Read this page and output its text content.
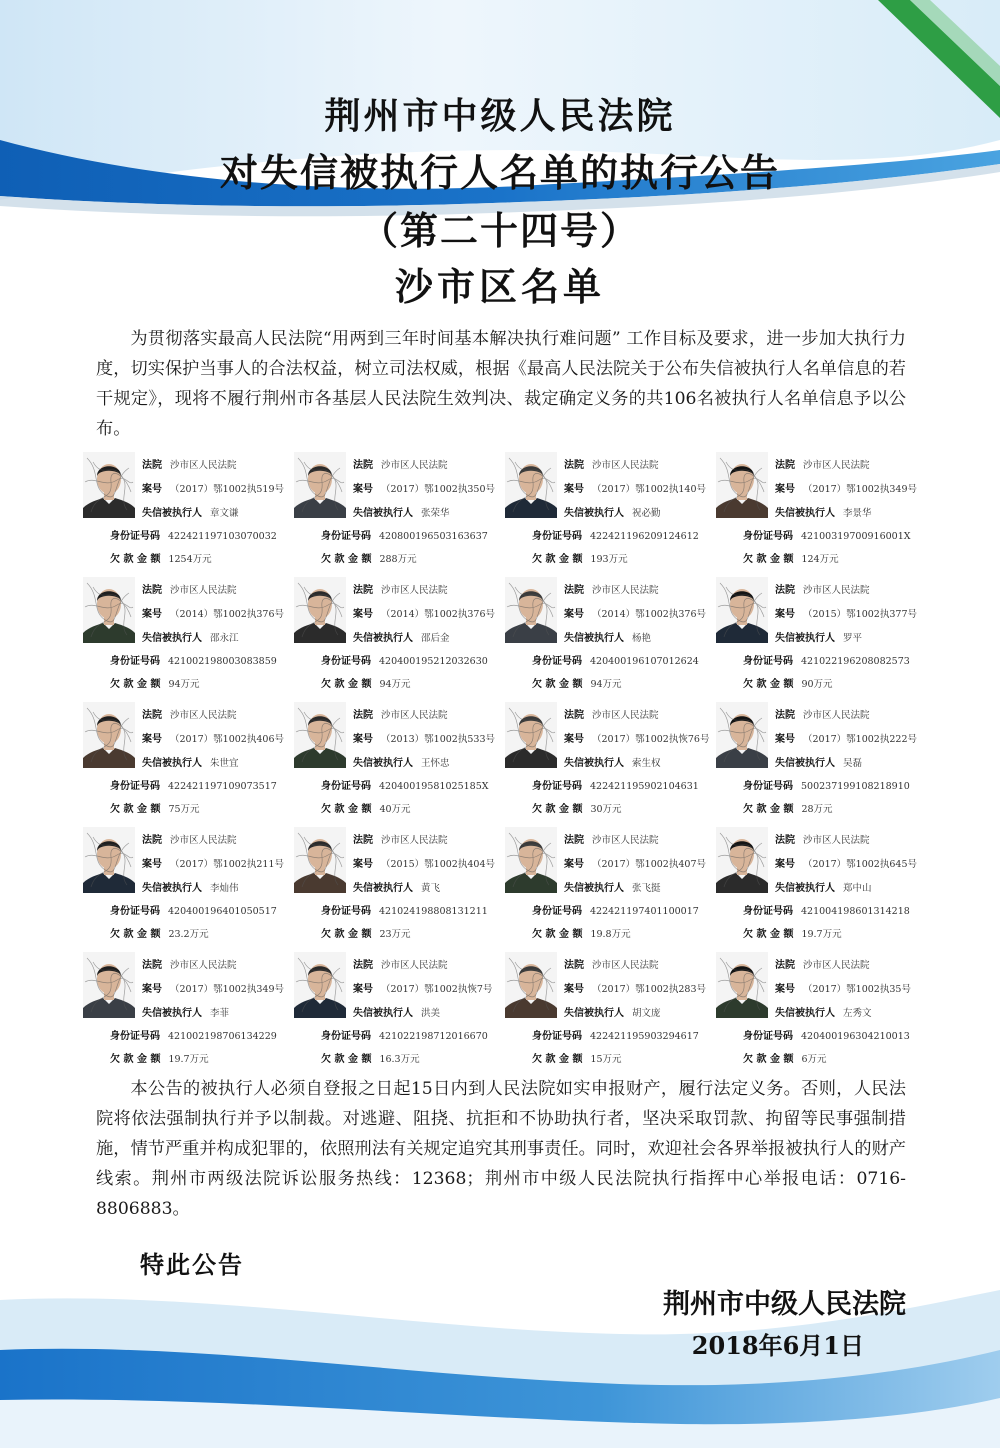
荆州市中级人民法院
对失信被执行人名单的执行公告
（第二十四号）
沙市区名单

为贯彻落实最高人民法院“用两到三年时间基本解决执行难问题” 工作目标及要求，进一步加大执行力度，切实保护当事人的合法权益，树立司法权威，根据《最高人民法院关于公布失信被执行人名单信息的若干规定》，现将不履行荆州市各基层人民法院生效判决、裁定确定义务的共106名被执行人名单信息予以公布。

法院 沙市区人民法院
案号 （2017）鄂1002执519号
失信被执行人 章文谦
身份证号码 422421197103070032
欠 款 金 额 1254万元
法院 沙市区人民法院
案号 （2017）鄂1002执350号
失信被执行人 张荣华
身份证号码 420800196503163637
欠 款 金 额 288万元
法院 沙市区人民法院
案号 （2017）鄂1002执140号
失信被执行人 祝必勤
身份证号码 422421196209124612
欠 款 金 额 193万元
法院 沙市区人民法院
案号 （2017）鄂1002执349号
失信被执行人 李景华
身份证号码 42100319700916001X
欠 款 金 额 124万元
法院 沙市区人民法院
案号 （2014）鄂1002执376号
失信被执行人 邵永江
身份证号码 421002198003083859
欠 款 金 额 94万元
法院 沙市区人民法院
案号 （2014）鄂1002执376号
失信被执行人 邵后金
身份证号码 420400195212032630
欠 款 金 额 94万元
法院 沙市区人民法院
案号 （2014）鄂1002执376号
失信被执行人 杨艳
身份证号码 420400196107012624
欠 款 金 额 94万元
法院 沙市区人民法院
案号 （2015）鄂1002执377号
失信被执行人 罗平
身份证号码 421022196208082573
欠 款 金 额 90万元
法院 沙市区人民法院
案号 （2017）鄂1002执406号
失信被执行人 朱世宜
身份证号码 422421197109073517
欠 款 金 额 75万元
法院 沙市区人民法院
案号 （2013）鄂1002执533号
失信被执行人 王怀忠
身份证号码 42040019581025185X
欠 款 金 额 40万元
法院 沙市区人民法院
案号 （2017）鄂1002执恢76号
失信被执行人 索生权
身份证号码 422421195902104631
欠 款 金 额 30万元
法院 沙市区人民法院
案号 （2017）鄂1002执222号
失信被执行人 吴磊
身份证号码 500237199108218910
欠 款 金 额 28万元
法院 沙市区人民法院
案号 （2017）鄂1002执211号
失信被执行人 李灿伟
身份证号码 420400196401050517
欠 款 金 额 23.2万元
法院 沙市区人民法院
案号 （2015）鄂1002执404号
失信被执行人 黄飞
身份证号码 421024198808131211
欠 款 金 额 23万元
法院 沙市区人民法院
案号 （2017）鄂1002执407号
失信被执行人 张飞挺
身份证号码 422421197401100017
欠 款 金 额 19.8万元
法院 沙市区人民法院
案号 （2017）鄂1002执645号
失信被执行人 郑中山
身份证号码 421004198601314218
欠 款 金 额 19.7万元
法院 沙市区人民法院
案号 （2017）鄂1002执349号
失信被执行人 李菲
身份证号码 421002198706134229
欠 款 金 额 19.7万元
法院 沙市区人民法院
案号 （2017）鄂1002执恢7号
失信被执行人 洪美
身份证号码 421022198712016670
欠 款 金 额 16.3万元
法院 沙市区人民法院
案号 （2017）鄂1002执283号
失信被执行人 胡文庞
身份证号码 422421195903294617
欠 款 金 额 15万元
法院 沙市区人民法院
案号 （2017）鄂1002执35号
失信被执行人 左秀文
身份证号码 420400196304210013
欠 款 金 额 6万元

本公告的被执行人必须自登报之日起15日内到人民法院如实申报财产，履行法定义务。否则，人民法院将依法强制执行并予以制裁。对逃避、阻挠、抗拒和不协助执行者，坚决采取罚款、拘留等民事强制措施，情节严重并构成犯罪的，依照刑法有关规定追究其刑事责任。同时，欢迎社会各界举报被执行人的财产线索。荆州市两级法院诉讼服务热线：12368；荆州市中级人民法院执行指挥中心举报电话：0716-8806883。

特此公告

荆州市中级人民法院

2018年6月1日
